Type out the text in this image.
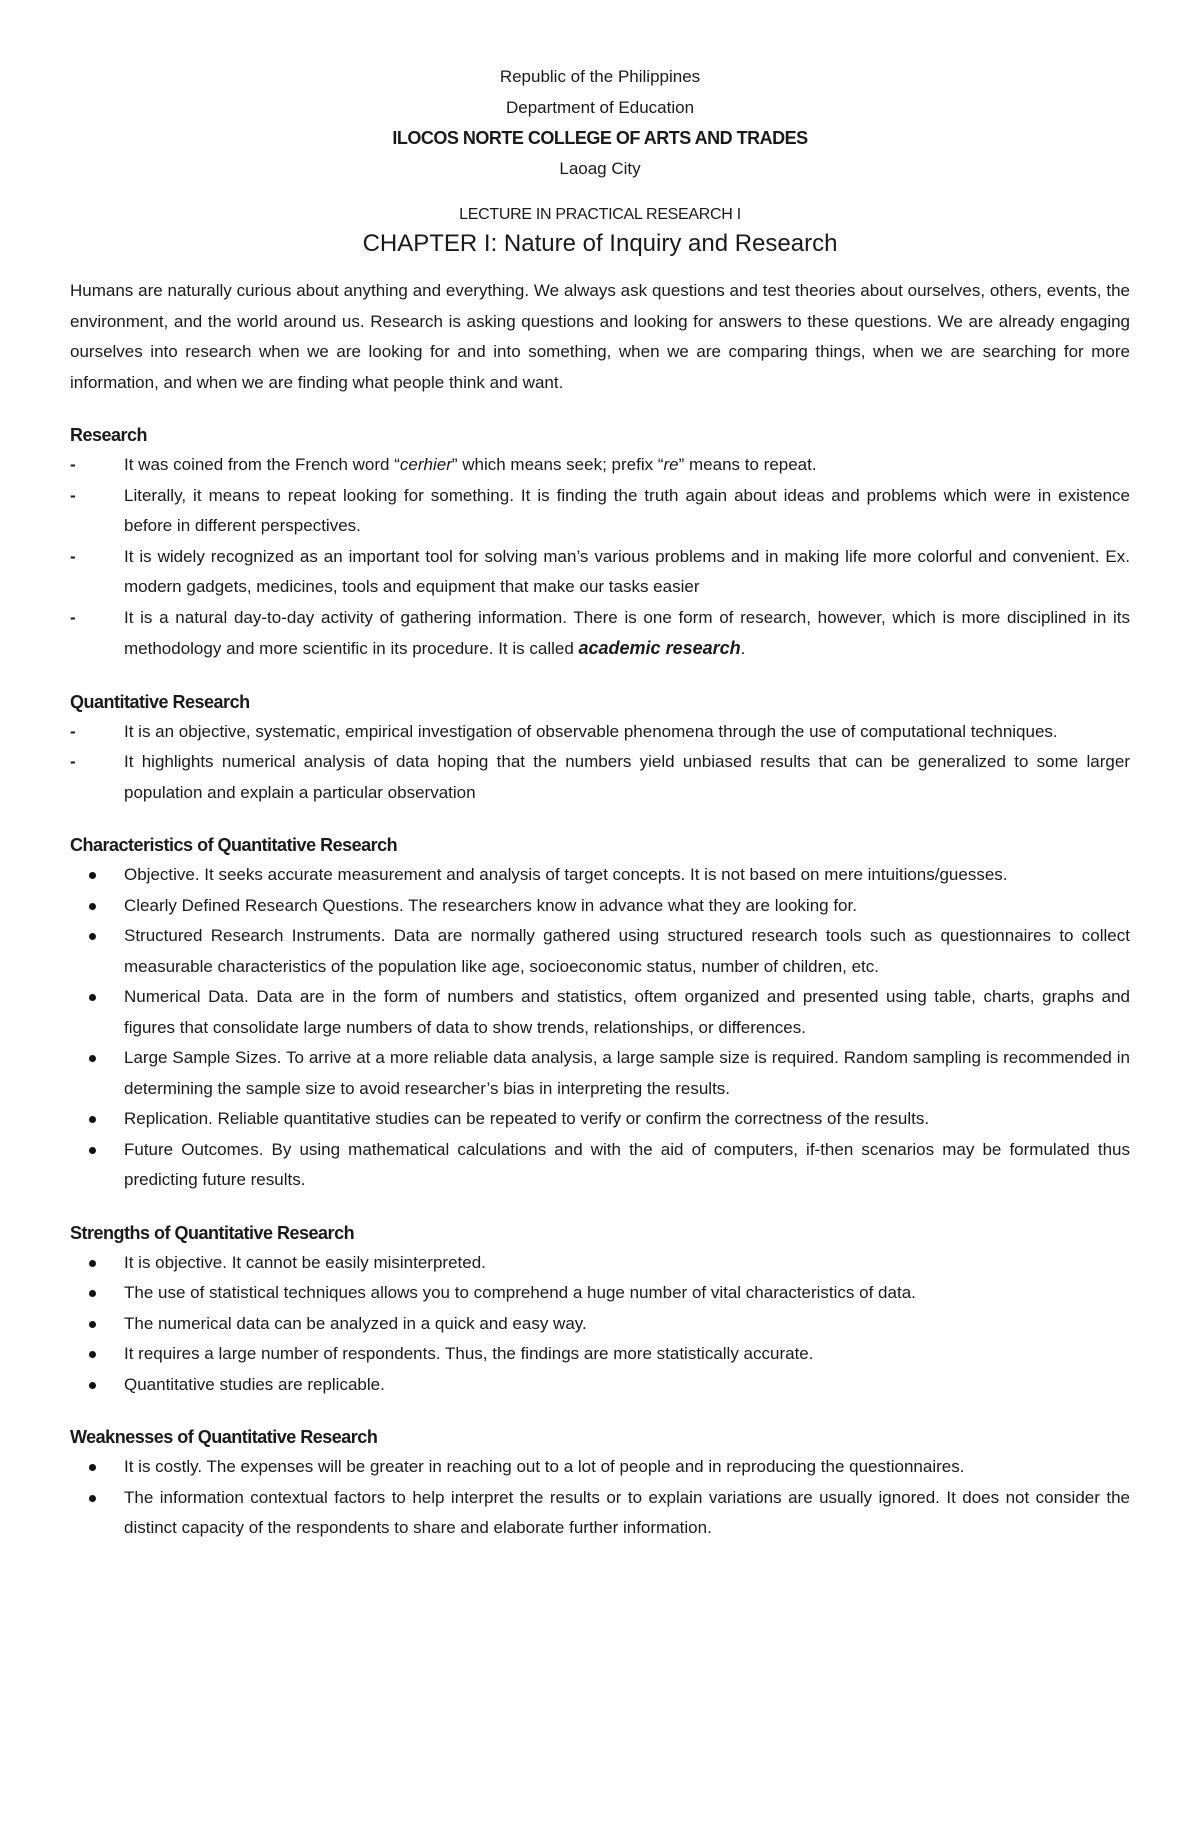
Republic of the Philippines
Department of Education
ILOCOS NORTE COLLEGE OF ARTS AND TRADES
Laoag City
LECTURE IN PRACTICAL RESEARCH I
CHAPTER I: Nature of Inquiry and Research

Humans are naturally curious about anything and everything. We always ask questions and test theories about ourselves, others, events, the environment, and the world around us. Research is asking questions and looking for answers to these questions. We are already engaging ourselves into research when we are looking for and into something, when we are comparing things, when we are searching for more information, and when we are finding what people think and want.

Research
-	It was coined from the French word “cerhier” which means seek; prefix “re” means to repeat.
-	Literally, it means to repeat looking for something. It is finding the truth again about ideas and problems which were in existence before in different perspectives.
-	It is widely recognized as an important tool for solving man’s various problems and in making life more colorful and convenient. Ex. modern gadgets, medicines, tools and equipment that make our tasks easier
-	It is a natural day-to-day activity of gathering information. There is one form of research, however, which is more disciplined in its methodology and more scientific in its procedure. It is called academic research.
Quantitative Research
-	It is an objective, systematic, empirical investigation of observable phenomena through the use of computational techniques.
-	It highlights numerical analysis of data hoping that the numbers yield unbiased results that can be generalized to some larger population and explain a particular observation
Characteristics of Quantitative Research
Objective. It seeks accurate measurement and analysis of target concepts. It is not based on mere intuitions/guesses.
Clearly Defined Research Questions. The researchers know in advance what they are looking for.
Structured Research Instruments. Data are normally gathered using structured research tools such as questionnaires to collect measurable characteristics of the population like age, socioeconomic status, number of children, etc.
Numerical Data. Data are in the form of numbers and statistics, oftem organized and presented using table, charts, graphs and figures that consolidate large numbers of data to show trends, relationships, or differences.
Large Sample Sizes. To arrive at a more reliable data analysis, a large sample size is required. Random sampling is recommended in determining the sample size to avoid researcher’s bias in interpreting the results.
Replication. Reliable quantitative studies can be repeated to verify or confirm the correctness of the results.
Future Outcomes. By using mathematical calculations and with the aid of computers, if-then scenarios may be formulated thus predicting future results.
Strengths of Quantitative Research
It is objective. It cannot be easily misinterpreted.
The use of statistical techniques allows you to comprehend a huge number of vital characteristics of data.
The numerical data can be analyzed in a quick and easy way.
It requires a large number of respondents. Thus, the findings are more statistically accurate.
Quantitative studies are replicable.
Weaknesses of Quantitative Research
It is costly. The expenses will be greater in reaching out to a lot of people and in reproducing the questionnaires.
The information contextual factors to help interpret the results or to explain variations are usually ignored. It does not consider the distinct capacity of the respondents to share and elaborate further information.
